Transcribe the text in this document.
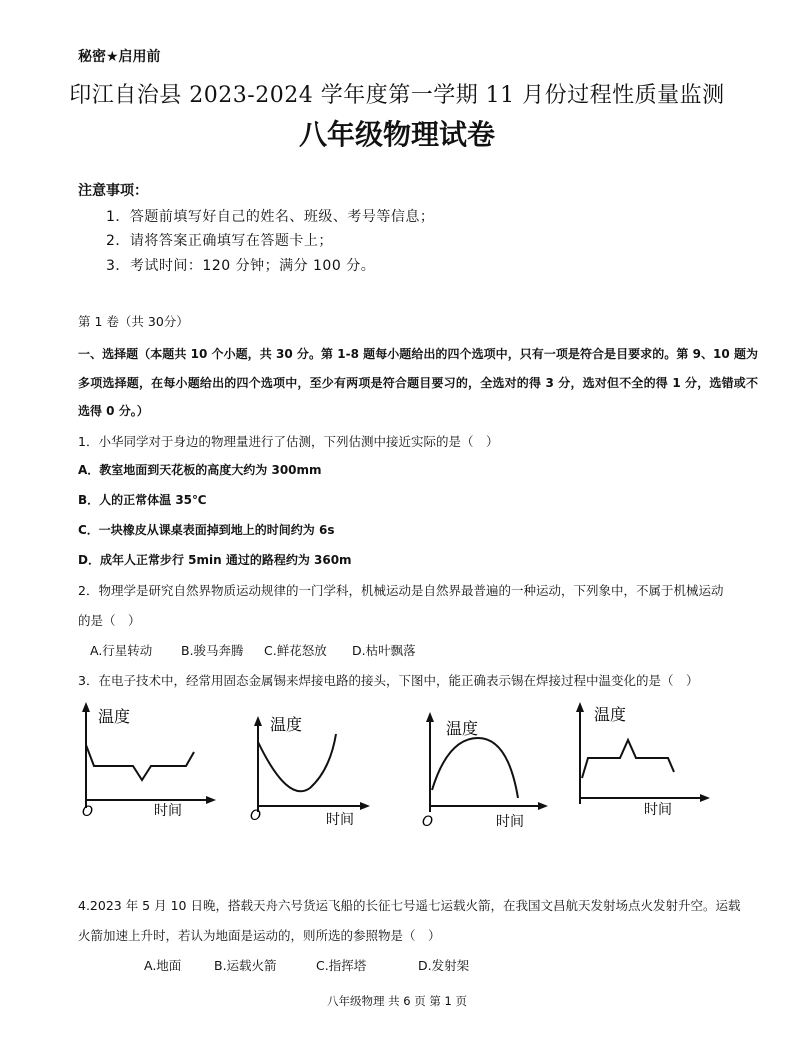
秘密★启用前
印江自治县 2023-2024 学年度第一学期 11 月份过程性质量监测
八年级物理试卷
注意事项：
1．答题前填写好自己的姓名、班级、考号等信息；
2．请将答案正确填写在答题卡上；
3．考试时间：120 分钟；满分 100 分。
第 1 卷（共 30分）
一、选择题（本题共 10 个小题，共 30 分。第 1-8 题每小题给出的四个选项中，只有一项是符合是目要求的。第 9、10 题为多项选择题，在每小题给出的四个选项中，至少有两项是符合题目要习的，全选对的得 3 分，选对但不全的得 1 分，选错或不选得 0 分。）
1．小华同学对于身边的物理量进行了估测，下列估测中接近实际的是（　）
A．教室地面到天花板的高度大约为 300mm
B．人的正常体温 35℃
C．一块橡皮从课桌表面掉到地上的时间约为 6s
D．成年人正常步行 5min 通过的路程约为 360m
2．物理学是研究自然界物质运动规律的一门学科，机械运动是自然界最普遍的一种运动，下列象中，不属于机械运动
的是（　）
A.行星转动 B.骏马奔腾 C.鲜花怒放 D.枯叶飘落
3．在电子技术中，经常用固态金属锡来焊接电路的接头，下图中，能正确表示锡在焊接过程中温变化的是（　）
温度
时间
O
温度
时间
O
温度
时间
O
温度
时间
4.2023 年 5 月 10 日晚，搭载天舟六号货运飞船的长征七号遥七运载火箭，在我国文昌航天发射场点火发射升空。运载
火箭加速上升时，若认为地面是运动的，则所选的参照物是（　）
A.地面	B.运载火箭	C.指挥塔	D.发射架
八年级物理 共 6 页 第 1 页
